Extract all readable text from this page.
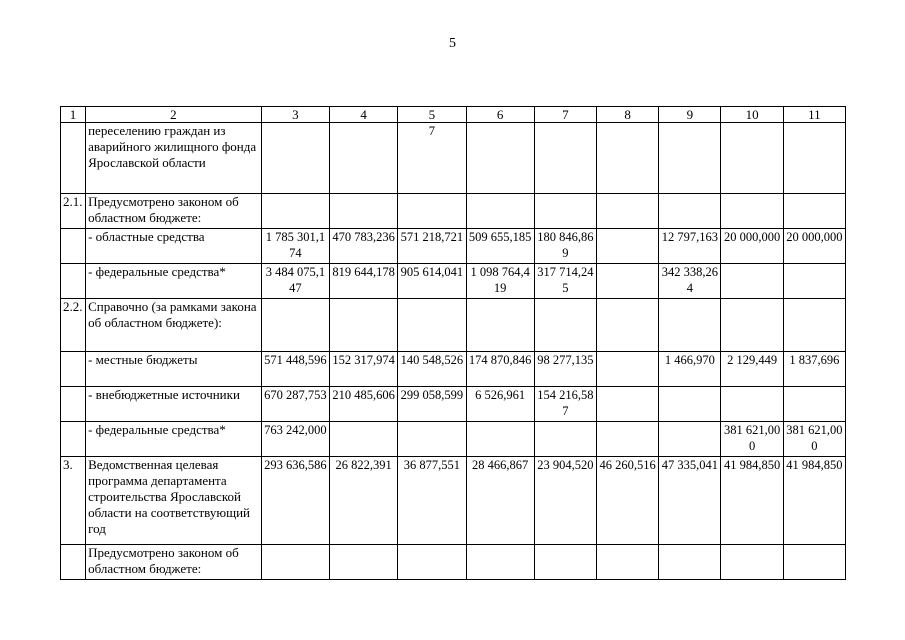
5
1	2	3	4	5	6	7	8	9	10	11
	переселению граждан из аварийного жилищного фонда Ярославской области			7						
2.1.	Предусмотрено законом об областном бюджете:									
	- областные средства	1 785 301,174	470 783,236	571 218,721	509 655,185	180 846,869		12 797,163	20 000,000	20 000,000
	- федеральные средства*	3 484 075,147	819 644,178	905 614,041	1 098 764,419	317 714,245		342 338,264		
2.2.	Справочно (за рамками закона об областном бюджете):									
	- местные бюджеты	571 448,596	152 317,974	140 548,526	174 870,846	98 277,135		1 466,970	2 129,449	1 837,696
	- внебюджетные источники	670 287,753	210 485,606	299 058,599	6 526,961	154 216,587				
	- федеральные средства*	763 242,000							381 621,000	381 621,000
3.	Ведомственная целевая программа департамента строительства Ярославской области на соответствующий год	293 636,586	26 822,391	36 877,551	28 466,867	23 904,520	46 260,516	47 335,041	41 984,850	41 984,850
	Предусмотрено законом об областном бюджете:									
